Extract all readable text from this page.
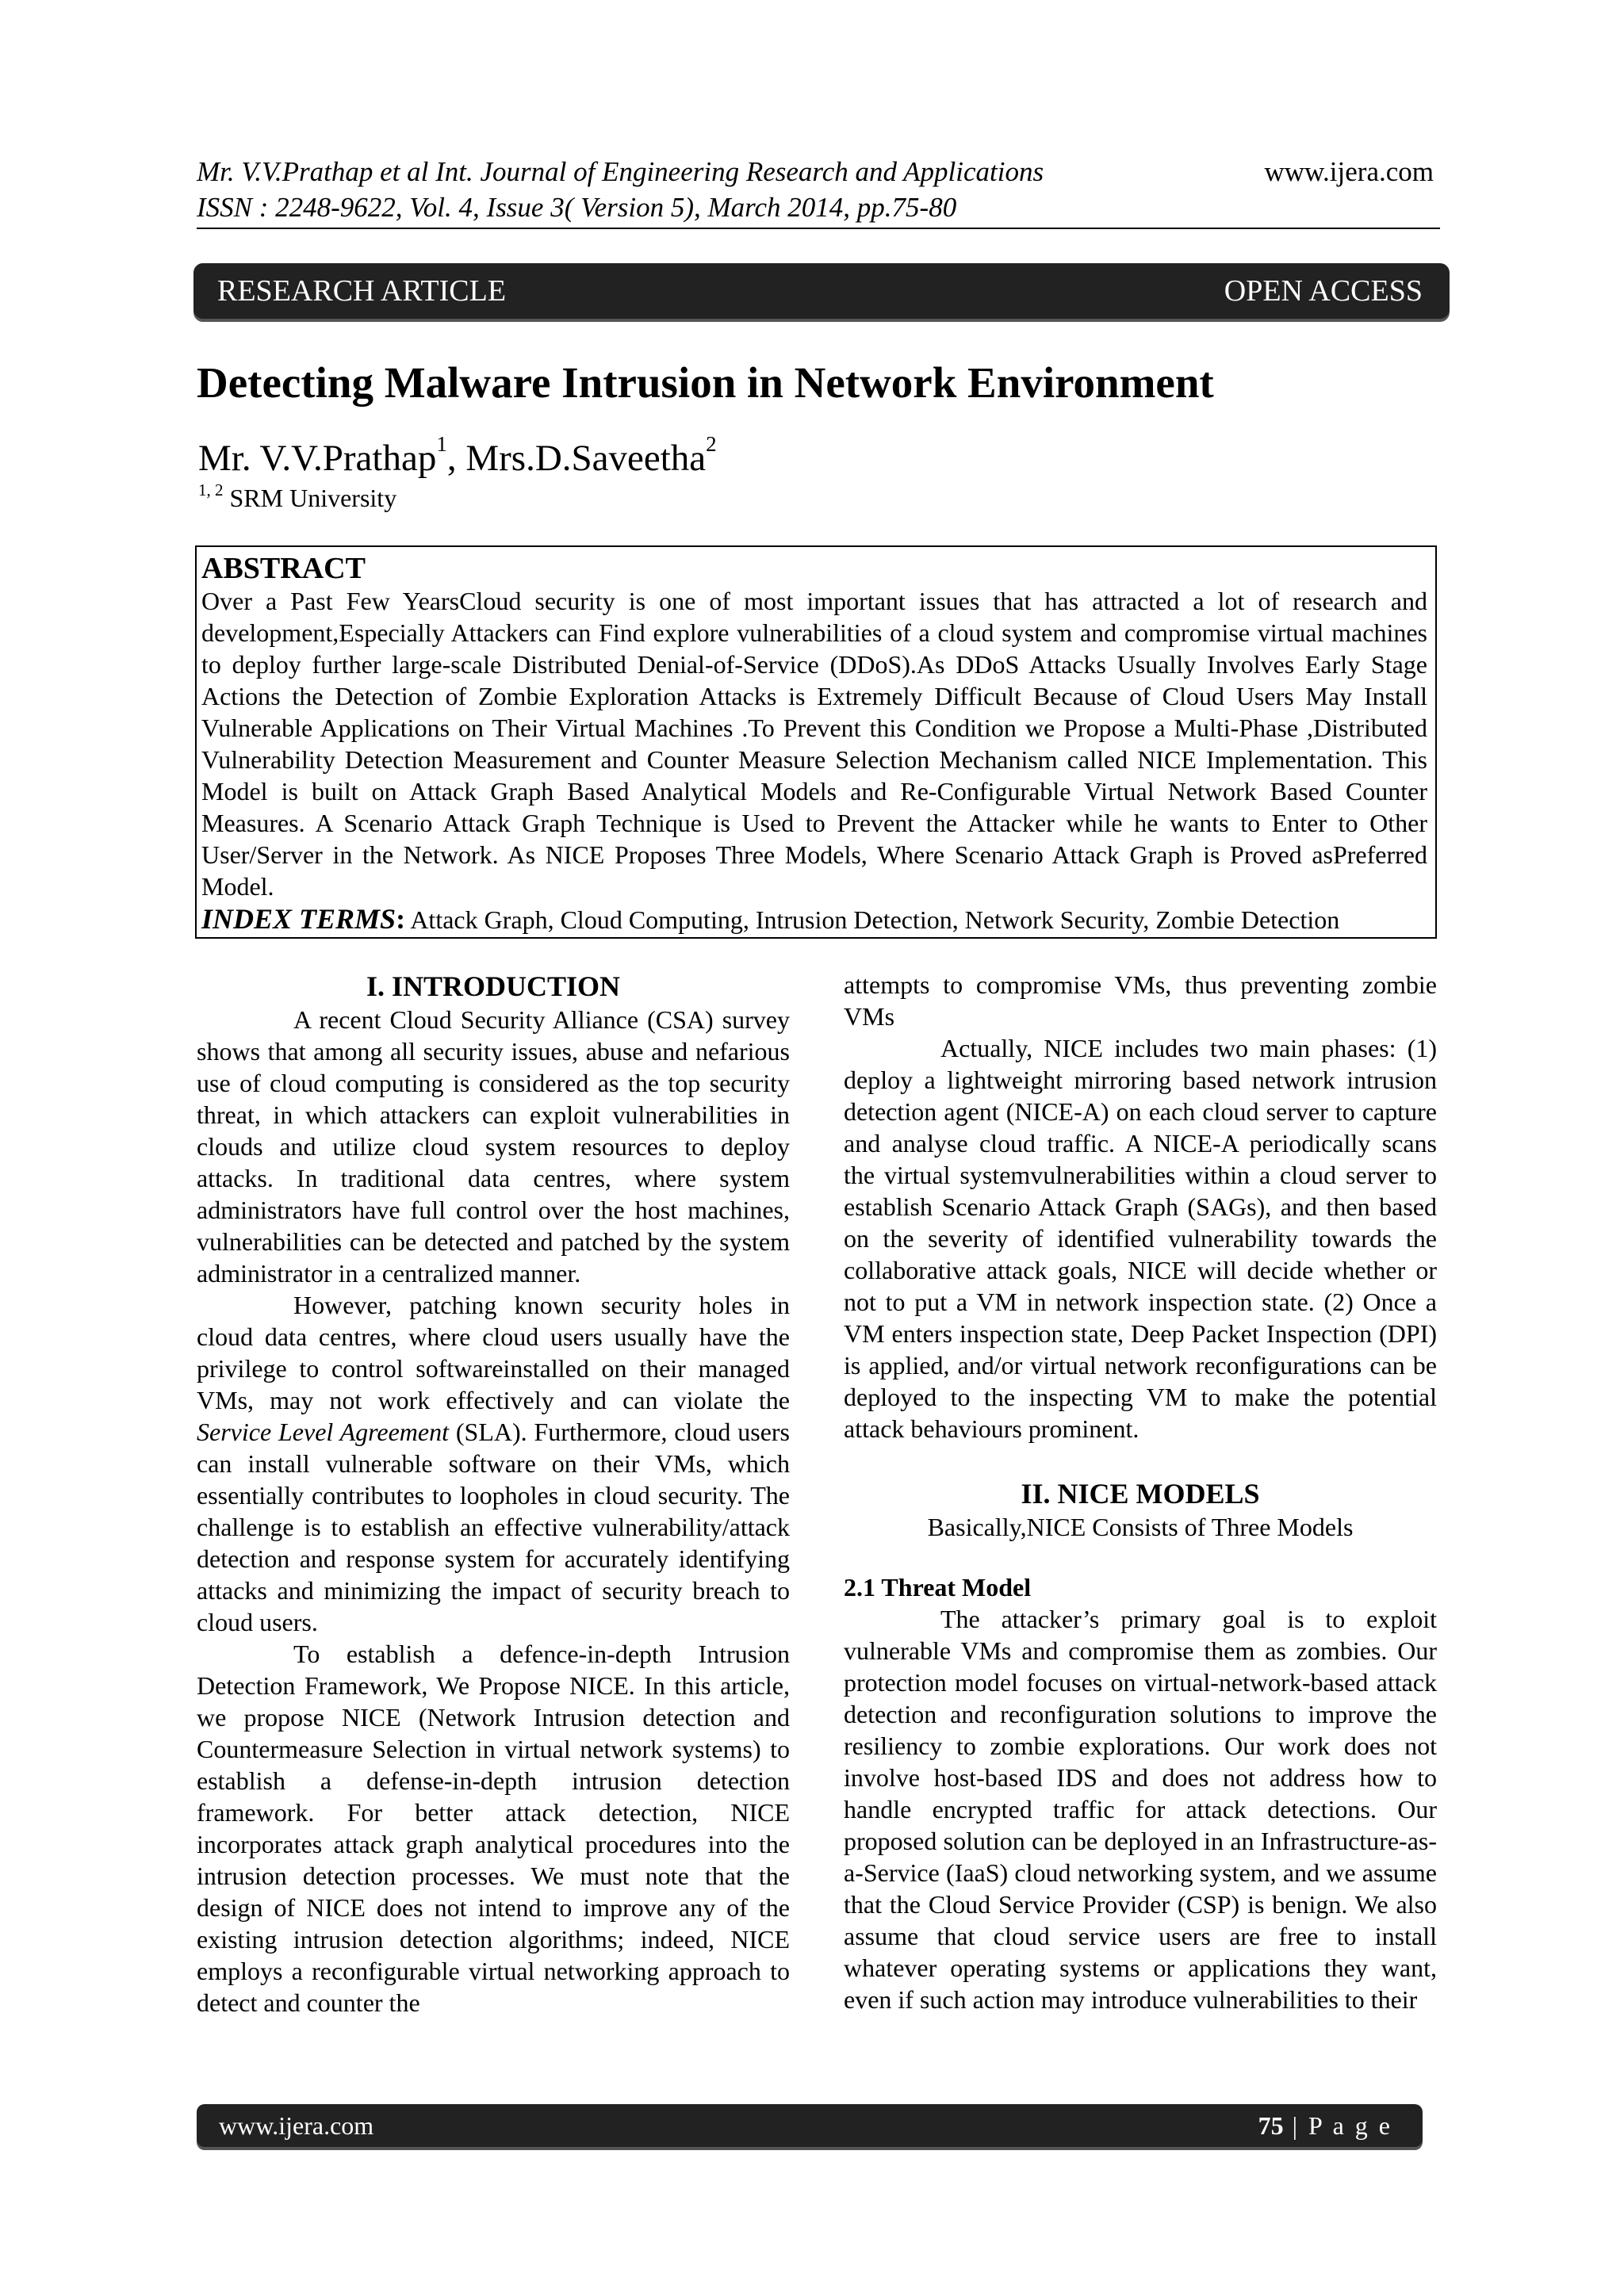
Mr. V.V.Prathap et al Int. Journal of Engineering Research and Applications
ISSN : 2248-9622, Vol. 4, Issue 3( Version 5), March 2014, pp.75-80
www.ijera.com
RESEARCH ARTICLE	OPEN ACCESS
Detecting Malware Intrusion in Network Environment
Mr. V.V.Prathap$^1$, Mrs.D.Saveetha$^2$
$^{1, 2}$ SRM University
ABSTRACT

Over a Past Few YearsCloud security is one of most important issues that has attracted a lot of research and development,Especially Attackers can Find explore vulnerabilities of a cloud system and compromise virtual machines to deploy further large-scale Distributed Denial-of-Service (DDoS).As DDoS Attacks Usually Involves Early Stage Actions the Detection of Zombie Exploration Attacks is Extremely Difficult Because of Cloud Users May Install Vulnerable Applications on Their Virtual Machines .To Prevent this Condition we Propose a Multi-Phase ,Distributed Vulnerability Detection Measurement and Counter Measure Selection Mechanism called NICE Implementation. This Model is built on Attack Graph Based Analytical Models and Re-Configurable Virtual Network Based Counter Measures. A Scenario Attack Graph Technique is Used to Prevent the Attacker while he wants to Enter to Other User/Server in the Network. As NICE Proposes Three Models, Where Scenario Attack Graph is Proved asPreferred Model.

INDEX TERMS: Attack Graph, Cloud Computing, Intrusion Detection, Network Security, Zombie Detection
I. INTRODUCTION

A recent Cloud Security Alliance (CSA) survey shows that among all security issues, abuse and nefarious use of cloud computing is considered as the top security threat, in which attackers can exploit vulnerabilities in clouds and utilize cloud system resources to deploy attacks. In traditional data centres, where system administrators have full control over the host machines, vulnerabilities can be detected and patched by the system administrator in a centralized manner.

However, patching known security holes in cloud data centres, where cloud users usually have the privilege to control softwareinstalled on their managed VMs, may not work effectively and can violate the Service Level Agreement (SLA). Furthermore, cloud users can install vulnerable software on their VMs, which essentially contributes to loopholes in cloud security. The challenge is to establish an effective vulnerability/attack detection and response system for accurately identifying attacks and minimizing the impact of security breach to cloud users.

To establish a defence-in-depth Intrusion Detection Framework, We Propose NICE. In this article, we propose NICE (Network Intrusion detection and Countermeasure Selection in virtual network systems) to establish a defense-in-depth intrusion detection framework. For better attack detection, NICE incorporates attack graph analytical procedures into the intrusion detection processes. We must note that the design of NICE does not intend to improve any of the existing intrusion detection algorithms; indeed, NICE employs a reconfigurable virtual networking approach to detect and counter the

attempts to compromise VMs, thus preventing zombie VMs

Actually, NICE includes two main phases: (1) deploy a lightweight mirroring based network intrusion detection agent (NICE-A) on each cloud server to capture and analyse cloud traffic. A NICE-A periodically scans the virtual systemvulnerabilities within a cloud server to establish Scenario Attack Graph (SAGs), and then based on the severity of identified vulnerability towards the collaborative attack goals, NICE will decide whether or not to put a VM in network inspection state. (2) Once a VM enters inspection state, Deep Packet Inspection (DPI) is applied, and/or virtual network reconfigurations can be deployed to the inspecting VM to make the potential attack behaviours prominent.

II. NICE MODELS
Basically,NICE Consists of Three Models
2.1 Threat Model

The attacker’s primary goal is to exploit vulnerable VMs and compromise them as zombies. Our protection model focuses on virtual-network-based attack detection and reconfiguration solutions to improve the resiliency to zombie explorations. Our work does not involve host-based IDS and does not address how to handle encrypted traffic for attack detections. Our proposed solution can be deployed in an Infrastructure-as-a-Service (IaaS) cloud networking system, and we assume that the Cloud Service Provider (CSP) is benign. We also assume that cloud service users are free to install whatever operating systems or applications they want, even if such action may introduce vulnerabilities to their

www.ijera.com	75 | P a g e
